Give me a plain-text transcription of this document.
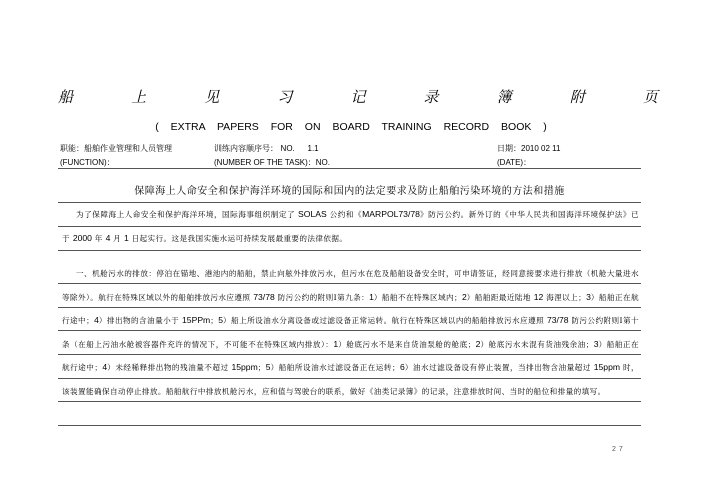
船	上	见	习	记	录	簿	附	页
( EXTRA PAPERS FOR ON BOARD TRAINING RECORD BOOK )
职能：船舶作业管理和人员管理	训练内容顺序号： NO. 1.1	日期：2010 02 11
(FUNCTION)：	(NUMBER OF THE TASK)：NO.	(DATE)：
保障海上人命安全和保护海洋环境的国际和国内的法定要求及防止船舶污染环境的方法和措施
为了保障海上人命安全和保护海洋环境，国际海事组织制定了 SOLAS 公约和《MARPOL73/78》防污公约。新外订的《中华人民共和国海洋环境保护法》已于 2000 年 4 月 1 日起实行。这是我国实施水运可持续发展最重要的法律依据。
一、机舱污水的排放：停泊在锚地、港池内的船舶，禁止向舷外排放污水，但污水在危及船舶设备安全时，可申请签证，经同意接要求进行排放（机舱大量进水等除外）。航行在特殊区域以外的船舶排放污水应遵照 73/78 防污公约的附则Ⅰ第九条：1）船舶不在特殊区域内；2）船舶距最近陆地 12 海浬以上；3）船舶正在航行途中；4）排出物的含油量小于 15PPm；5）船上所设油水分离设备或过滤设备正常运转。航行在特殊区域以内的船舶排放污水应遵照 73/78 防污公约附则Ⅰ第十条（在船上污油水舱被容器件充许的情况下，不可能不在特殊区域内排放）：1）舱底污水不是来自货油泵舱的舱底；2）舱底污水未混有货油残余油；3）船舶正在航行途中；4）未经稀释排出物的残油量不超过 15ppm；5）船舶所设油水过滤设备正在运转；6）油水过滤设备设有停止装置，当排出物含油量超过 15ppm 时，该装置能确保自动停止排放。船舶航行中排放机舱污水，应和值与驾驶台的联系，做好《油类记录簿》的记录，注意排放时间、当时的船位和排量的填写。
27
